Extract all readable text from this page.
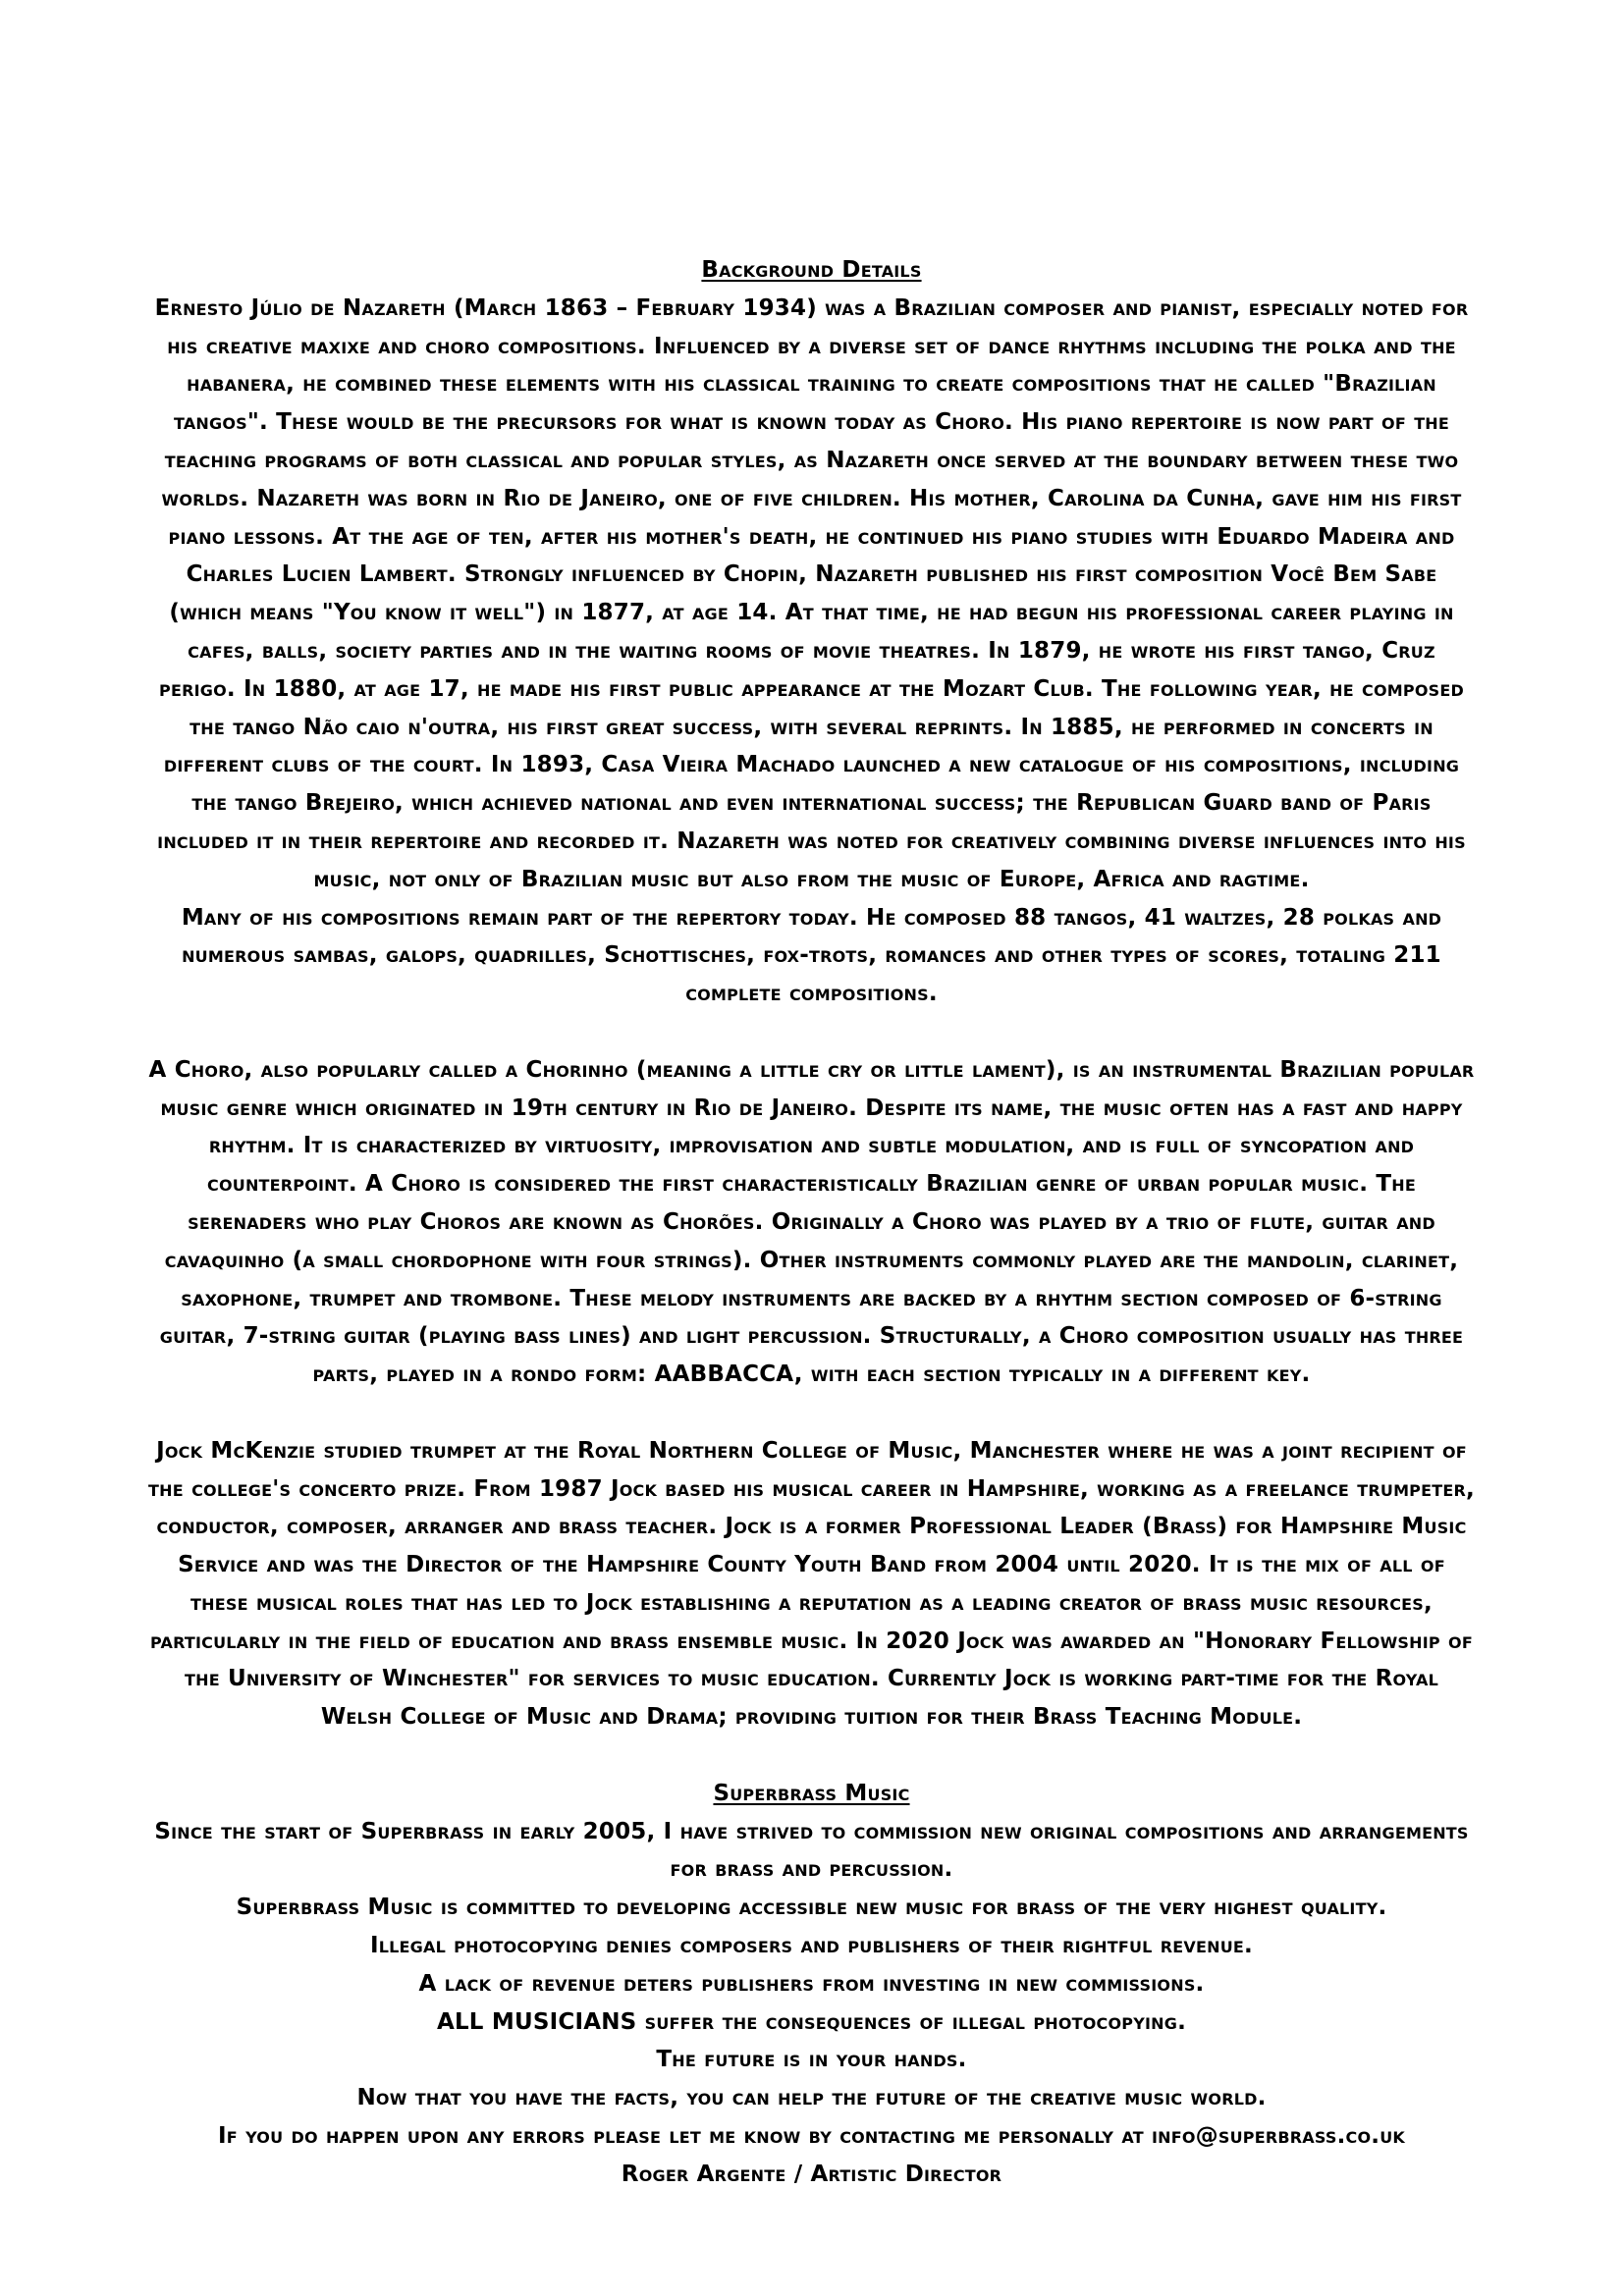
Background Details

Ernesto Júlio de Nazareth (March 1863 – February 1934) was a Brazilian composer and pianist, especially noted for his creative maxixe and choro compositions. Influenced by a diverse set of dance rhythms including the polka and the habanera, he combined these elements with his classical training to create compositions that he called "Brazilian tangos". These would be the precursors for what is known today as Choro. His piano repertoire is now part of the teaching programs of both classical and popular styles, as Nazareth once served at the boundary between these two worlds. Nazareth was born in Rio de Janeiro, one of five children. His mother, Carolina da Cunha, gave him his first piano lessons. At the age of ten, after his mother's death, he continued his piano studies with Eduardo Madeira and Charles Lucien Lambert. Strongly influenced by Chopin, Nazareth published his first composition Você Bem Sabe (which means "You know it well") in 1877, at age 14. At that time, he had begun his professional career playing in cafes, balls, society parties and in the waiting rooms of movie theatres. In 1879, he wrote his first tango, Cruz perigo. In 1880, at age 17, he made his first public appearance at the Mozart Club. The following year, he composed the tango Não caio n'outra, his first great success, with several reprints. In 1885, he performed in concerts in different clubs of the court. In 1893, Casa Vieira Machado launched a new catalogue of his compositions, including the tango Brejeiro, which achieved national and even international success; the Republican Guard band of Paris included it in their repertoire and recorded it. Nazareth was noted for creatively combining diverse influences into his music, not only of Brazilian music but also from the music of Europe, Africa and ragtime.

Many of his compositions remain part of the repertory today. He composed 88 tangos, 41 waltzes, 28 polkas and numerous sambas, galops, quadrilles, Schottisches, fox-trots, romances and other types of scores, totaling 211 complete compositions.

A Choro, also popularly called a Chorinho (meaning a little cry or little lament), is an instrumental Brazilian popular music genre which originated in 19th century in Rio de Janeiro. Despite its name, the music often has a fast and happy rhythm. It is characterized by virtuosity, improvisation and subtle modulation, and is full of syncopation and counterpoint. A Choro is considered the first characteristically Brazilian genre of urban popular music. The serenaders who play Choros are known as Chorões. Originally a Choro was played by a trio of flute, guitar and cavaquinho (a small chordophone with four strings). Other instruments commonly played are the mandolin, clarinet, saxophone, trumpet and trombone. These melody instruments are backed by a rhythm section composed of 6-string guitar, 7-string guitar (playing bass lines) and light percussion. Structurally, a Choro composition usually has three parts, played in a rondo form: AABBACCA, with each section typically in a different key.

Jock McKenzie studied trumpet at the Royal Northern College of Music, Manchester where he was a joint recipient of the college's concerto prize. From 1987 Jock based his musical career in Hampshire, working as a freelance trumpeter, conductor, composer, arranger and brass teacher. Jock is a former Professional Leader (Brass) for Hampshire Music Service and was the Director of the Hampshire County Youth Band from 2004 until 2020. It is the mix of all of these musical roles that has led to Jock establishing a reputation as a leading creator of brass music resources, particularly in the field of education and brass ensemble music. In 2020 Jock was awarded an "Honorary Fellowship of the University of Winchester" for services to music education. Currently Jock is working part-time for the Royal Welsh College of Music and Drama; providing tuition for their Brass Teaching Module.

Superbrass Music

Since the start of Superbrass in early 2005, I have strived to commission new original compositions and arrangements for brass and percussion.

Superbrass Music is committed to developing accessible new music for brass of the very highest quality.

Illegal photocopying denies composers and publishers of their rightful revenue.

A lack of revenue deters publishers from investing in new commissions.

ALL MUSICIANS suffer the consequences of illegal photocopying.

The future is in your hands.

Now that you have the facts, you can help the future of the creative music world.

If you do happen upon any errors please let me know by contacting me personally at info@superbrass.co.uk

Roger Argente / Artistic Director
